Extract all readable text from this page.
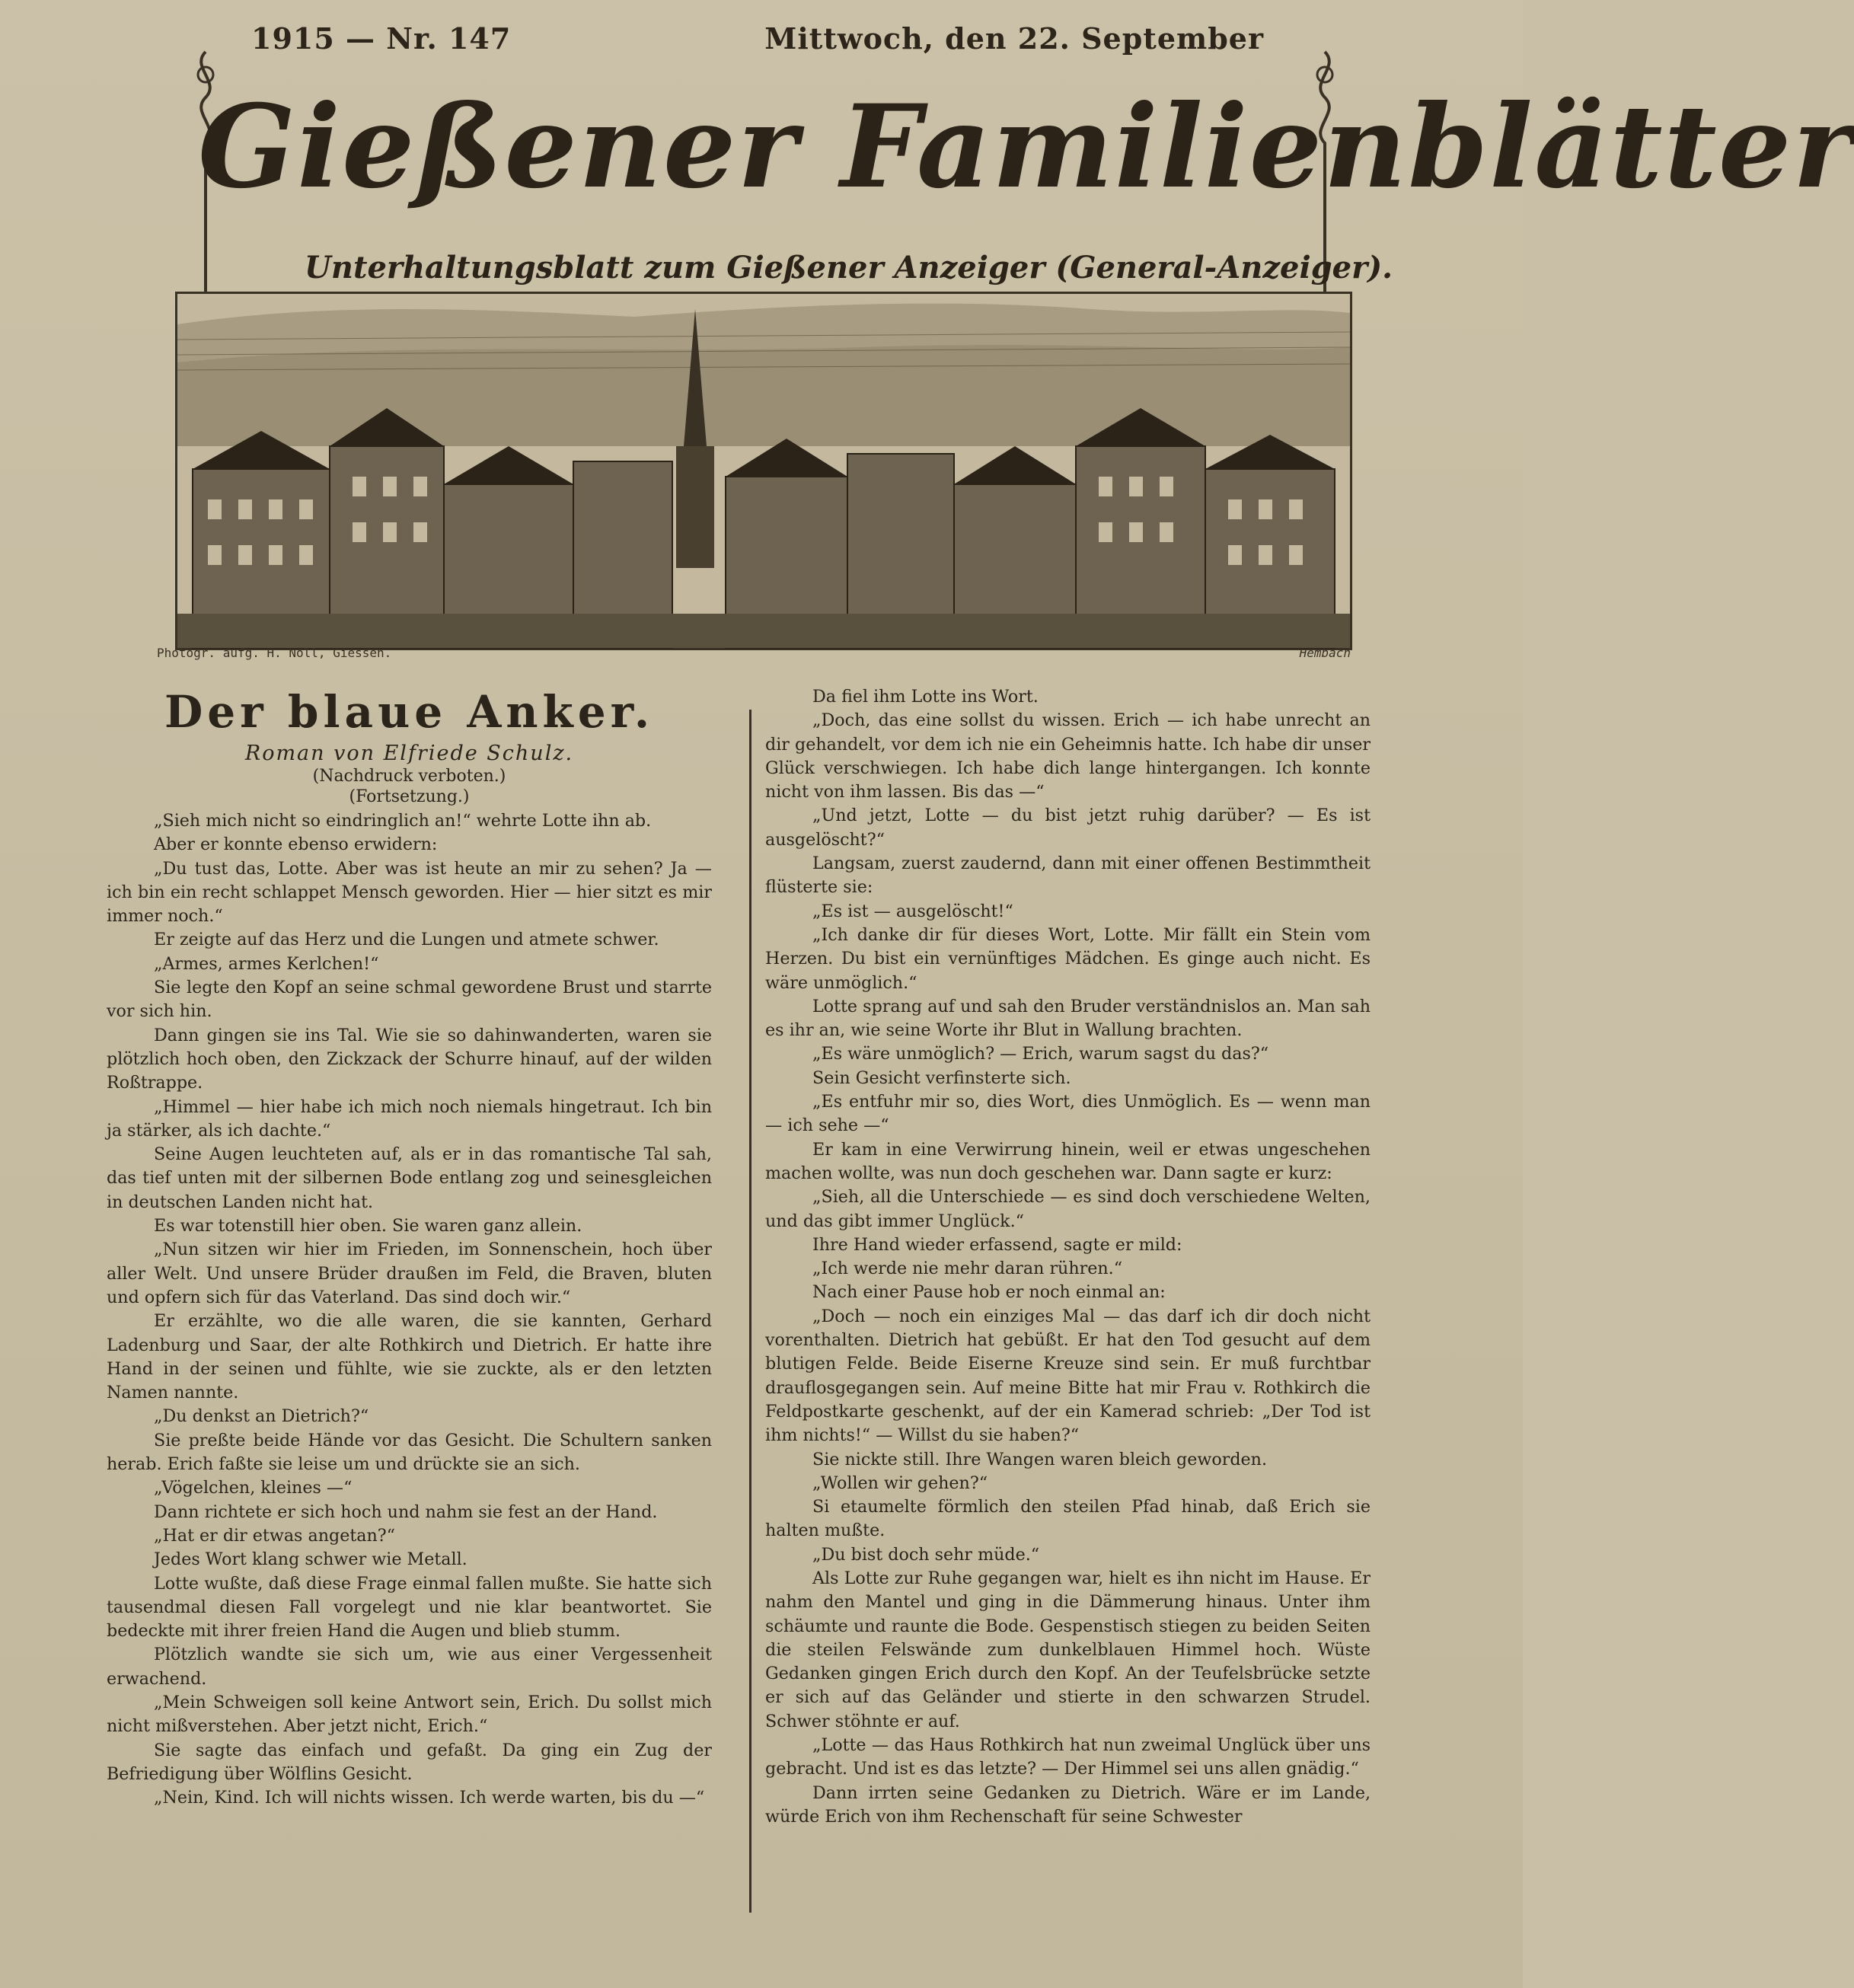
1915 — Nr. 147	Mittwoch, den 22. September
Gießener Familienblätter
Unterhaltungsblatt zum Gießener Anzeiger (General-Anzeiger).
Photogr. aufg. H. Noll, Giessen.	Hembach
Der blaue Anker.
Roman von Elfriede Schulz.
(Nachdruck verboten.)
(Fortsetzung.)

„Sieh mich nicht so eindringlich an!“ wehrte Lotte ihn ab.

Aber er konnte ebenso erwidern:

„Du tust das, Lotte. Aber was ist heute an mir zu sehen? Ja — ich bin ein recht schlappet Mensch geworden. Hier — hier sitzt es mir immer noch.“

Er zeigte auf das Herz und die Lungen und atmete schwer.

„Armes, armes Kerlchen!“

Sie legte den Kopf an seine schmal gewordene Brust und starrte vor sich hin.

Dann gingen sie ins Tal. Wie sie so dahinwanderten, waren sie plötzlich hoch oben, den Zickzack der Schurre hinauf, auf der wilden Roßtrappe.

„Himmel — hier habe ich mich noch niemals hingetraut. Ich bin ja stärker, als ich dachte.“

Seine Augen leuchteten auf, als er in das romantische Tal sah, das tief unten mit der silbernen Bode entlang zog und seinesgleichen in deutschen Landen nicht hat.

Es war totenstill hier oben. Sie waren ganz allein.

„Nun sitzen wir hier im Frieden, im Sonnenschein, hoch über aller Welt. Und unsere Brüder draußen im Feld, die Braven, bluten und opfern sich für das Vaterland. Das sind doch wir.“

Er erzählte, wo die alle waren, die sie kannten, Gerhard Ladenburg und Saar, der alte Rothkirch und Dietrich. Er hatte ihre Hand in der seinen und fühlte, wie sie zuckte, als er den letzten Namen nannte.

„Du denkst an Dietrich?“

Sie preßte beide Hände vor das Gesicht. Die Schultern sanken herab. Erich faßte sie leise um und drückte sie an sich.

„Vögelchen, kleines —“

Dann richtete er sich hoch und nahm sie fest an der Hand.

„Hat er dir etwas angetan?“

Jedes Wort klang schwer wie Metall.

Lotte wußte, daß diese Frage einmal fallen mußte. Sie hatte sich tausendmal diesen Fall vorgelegt und nie klar beantwortet. Sie bedeckte mit ihrer freien Hand die Augen und blieb stumm.

Plötzlich wandte sie sich um, wie aus einer Vergessenheit erwachend.

„Mein Schweigen soll keine Antwort sein, Erich. Du sollst mich nicht mißverstehen. Aber jetzt nicht, Erich.“

Sie sagte das einfach und gefaßt. Da ging ein Zug der Befriedigung über Wölflins Gesicht.

„Nein, Kind. Ich will nichts wissen. Ich werde warten, bis du —“

Da fiel ihm Lotte ins Wort.

„Doch, das eine sollst du wissen. Erich — ich habe unrecht an dir gehandelt, vor dem ich nie ein Geheimnis hatte. Ich habe dir unser Glück verschwiegen. Ich habe dich lange hintergangen. Ich konnte nicht von ihm lassen. Bis das —“

„Und jetzt, Lotte — du bist jetzt ruhig darüber? — Es ist ausgelöscht?“

Langsam, zuerst zaudernd, dann mit einer offenen Bestimmtheit flüsterte sie:

„Es ist — ausgelöscht!“

„Ich danke dir für dieses Wort, Lotte. Mir fällt ein Stein vom Herzen. Du bist ein vernünftiges Mädchen. Es ginge auch nicht. Es wäre unmöglich.“

Lotte sprang auf und sah den Bruder verständnislos an. Man sah es ihr an, wie seine Worte ihr Blut in Wallung brachten.

„Es wäre unmöglich? — Erich, warum sagst du das?“

Sein Gesicht verfinsterte sich.

„Es entfuhr mir so, dies Wort, dies Unmöglich. Es — wenn man — ich sehe —“

Er kam in eine Verwirrung hinein, weil er etwas ungeschehen machen wollte, was nun doch geschehen war. Dann sagte er kurz:

„Sieh, all die Unterschiede — es sind doch verschiedene Welten, und das gibt immer Unglück.“

Ihre Hand wieder erfassend, sagte er mild:

„Ich werde nie mehr daran rühren.“

Nach einer Pause hob er noch einmal an:

„Doch — noch ein einziges Mal — das darf ich dir doch nicht vorenthalten. Dietrich hat gebüßt. Er hat den Tod gesucht auf dem blutigen Felde. Beide Eiserne Kreuze sind sein. Er muß furchtbar drauflosgegangen sein. Auf meine Bitte hat mir Frau v. Rothkirch die Feldpostkarte geschenkt, auf der ein Kamerad schrieb: „Der Tod ist ihm nichts!“ — Willst du sie haben?“

Sie nickte still. Ihre Wangen waren bleich geworden.

„Wollen wir gehen?“

Si etaumelte förmlich den steilen Pfad hinab, daß Erich sie halten mußte.

„Du bist doch sehr müde.“

Als Lotte zur Ruhe gegangen war, hielt es ihn nicht im Hause. Er nahm den Mantel und ging in die Dämmerung hinaus. Unter ihm schäumte und raunte die Bode. Gespenstisch stiegen zu beiden Seiten die steilen Felswände zum dunkelblauen Himmel hoch. Wüste Gedanken gingen Erich durch den Kopf. An der Teufelsbrücke setzte er sich auf das Geländer und stierte in den schwarzen Strudel. Schwer stöhnte er auf.

„Lotte — das Haus Rothkirch hat nun zweimal Unglück über uns gebracht. Und ist es das letzte? — Der Himmel sei uns allen gnädig.“

Dann irrten seine Gedanken zu Dietrich. Wäre er im Lande, würde Erich von ihm Rechenschaft für seine Schwester
